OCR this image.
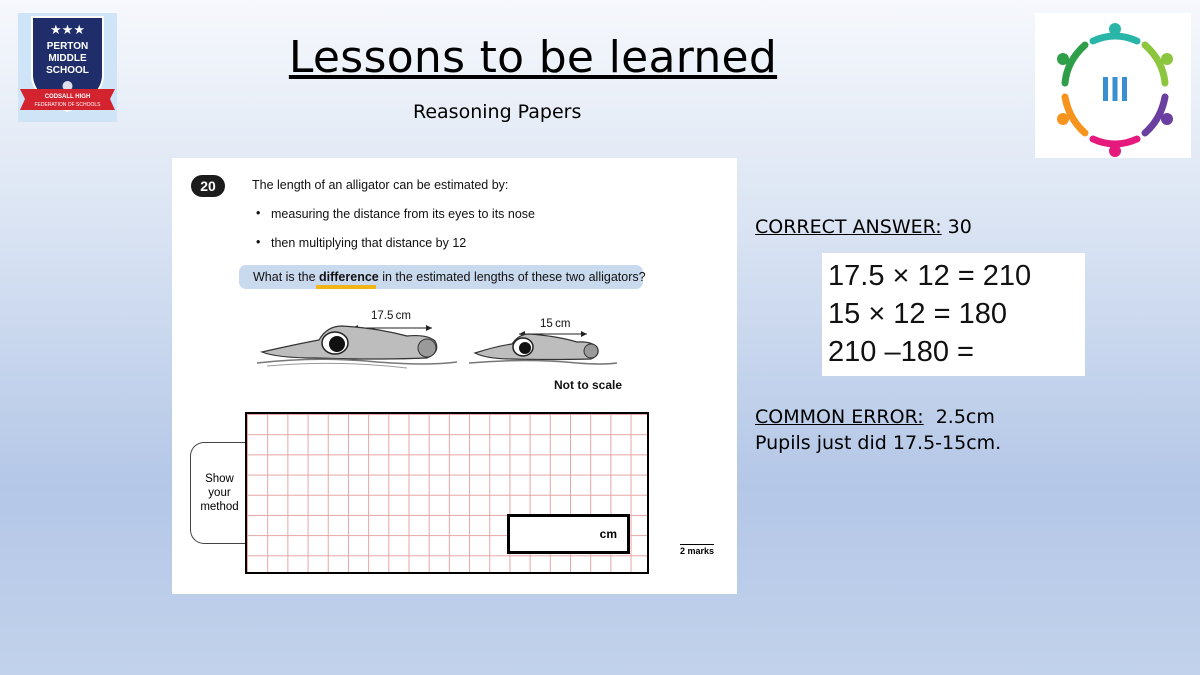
★★★
PERTON
MIDDLE
SCHOOL
CODSALL HIGH
FEDERATION OF SCHOOLS
Lessons to be learned
Reasoning Papers
20	The length of an alligator can be estimated by:
• measuring the distance from its eyes to its nose
• then multiplying that distance by 12
What is the difference in the estimated lengths of these two alligators?
17.5 cm
15 cm
Not to scale
Show
your
method
cm
2 marks
CORRECT ANSWER: 30
17.5 × 12 = 210
15 × 12 = 180
210 –180 =
COMMON ERROR: 2.5cm
Pupils just did 17.5-15cm.
